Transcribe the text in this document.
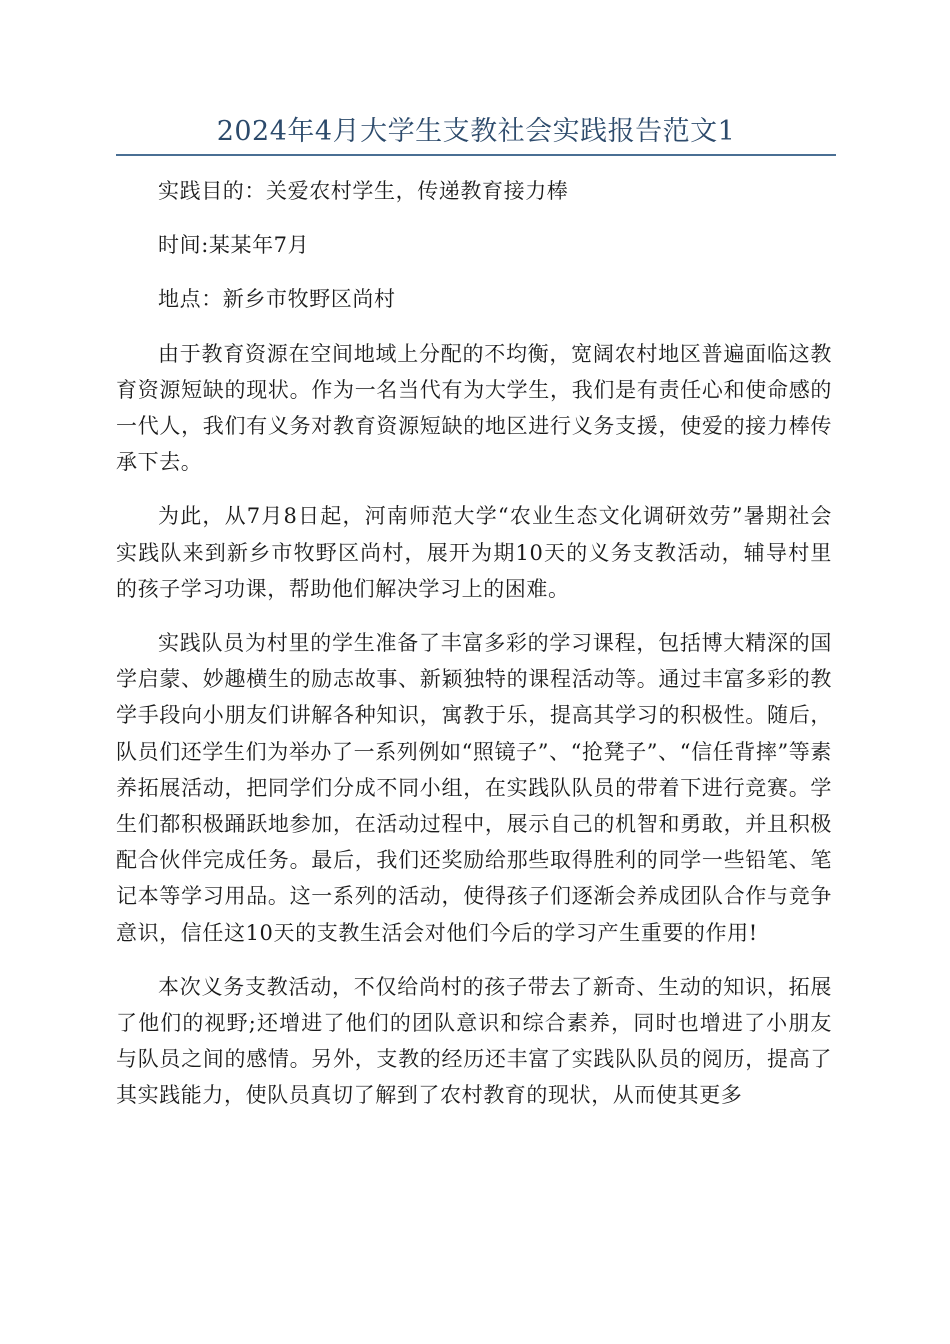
2024年4月大学生支教社会实践报告范文1

实践目的：关爱农村学生，传递教育接力棒

时间:某某年7月

地点：新乡市牧野区尚村

由于教育资源在空间地域上分配的不均衡，宽阔农村地区普遍面临这教育资源短缺的现状。作为一名当代有为大学生，我们是有责任心和使命感的一代人，我们有义务对教育资源短缺的地区进行义务支援，使爱的接力棒传承下去。

为此，从7月8日起，河南师范大学“农业生态文化调研效劳”暑期社会实践队来到新乡市牧野区尚村，展开为期10天的义务支教活动，辅导村里的孩子学习功课，帮助他们解决学习上的困难。

实践队员为村里的学生准备了丰富多彩的学习课程，包括博大精深的国学启蒙、妙趣横生的励志故事、新颖独特的课程活动等。通过丰富多彩的教学手段向小朋友们讲解各种知识，寓教于乐，提高其学习的积极性。随后，队员们还学生们为举办了一系列例如“照镜子”、“抢凳子”、“信任背摔”等素养拓展活动，把同学们分成不同小组，在实践队队员的带着下进行竞赛。学生们都积极踊跃地参加，在活动过程中，展示自己的机智和勇敢，并且积极配合伙伴完成任务。最后，我们还奖励给那些取得胜利的同学一些铅笔、笔记本等学习用品。这一系列的活动，使得孩子们逐渐会养成团队合作与竞争意识，信任这10天的支教生活会对他们今后的学习产生重要的作用!

本次义务支教活动，不仅给尚村的孩子带去了新奇、生动的知识，拓展了他们的视野;还增进了他们的团队意识和综合素养，同时也增进了小朋友与队员之间的感情。另外，支教的经历还丰富了实践队队员的阅历，提高了其实践能力，使队员真切了解到了农村教育的现状，从而使其更多
